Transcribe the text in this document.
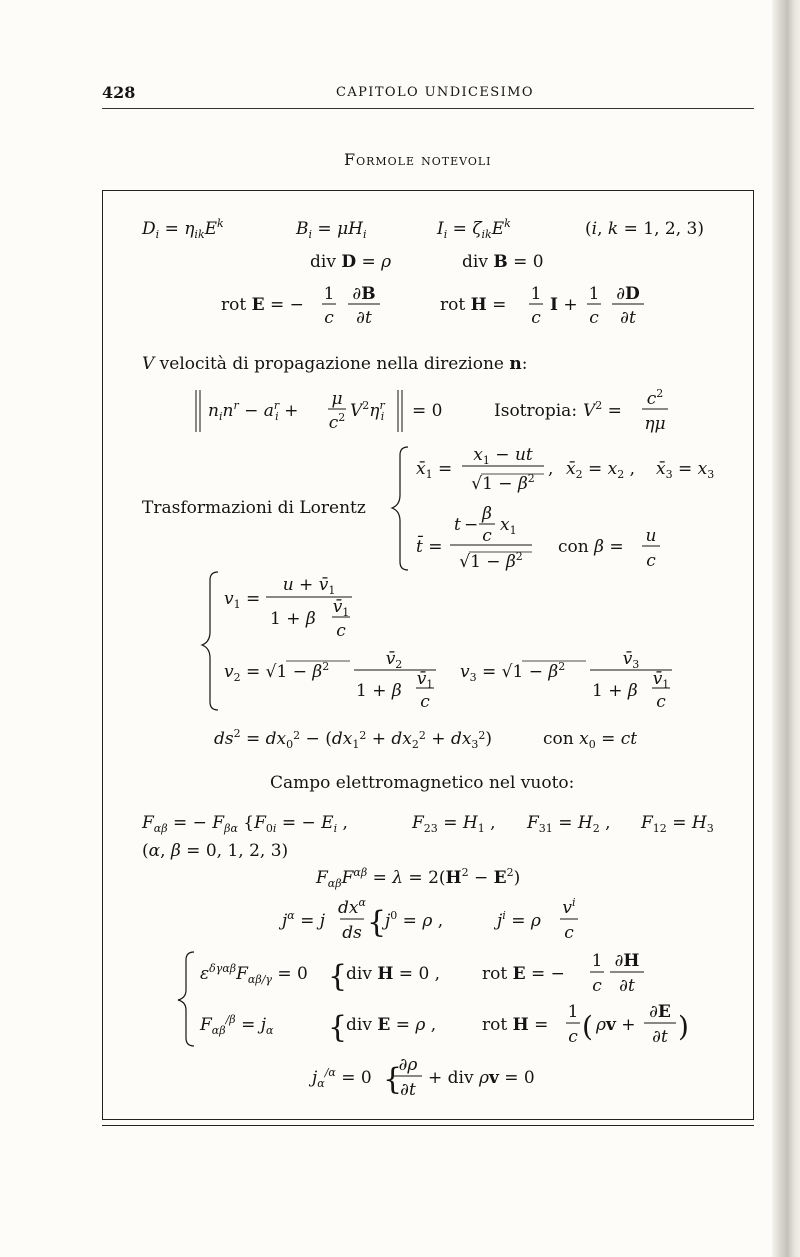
428	CAPITOLO UNDICESIMO
Formole notevoli
$D_i = \eta_{ik}E^k$	$B_i = \mu H_i$	$I_i = \zeta_{ik}E^k$	(i, k = 1, 2, 3)
div D = ρ	div B = 0
rot E = −
1
c
∂B
∂t
rot H =
1
c
I +
1
c
∂D
∂t
V velocità di propagazione nella direzione n:
$n_in^r - a^r$ i +
μ
$c^2$ $V^2\eta^r$ i = 0	Isotropia: $V^2$ =
$c^2$
ημ
Trasformazioni di Lorentz
$x̄_1$ =
$x_1$ − ut
$√1 - \beta^2$ , $x̄_2 = x_2$ , $x̄_3 = x_3$
t̄ =
t −
β
c
$x_1$
$√1 - \beta^2$ con β =
u
c
$v_1$ =
$u + v̄_1$
1 + β
$v̄_1$
c
$v_2 = √1 - \beta^2$	$v̄_2$
1 + β
$v̄_1$
c
$v_3 = √1 - \beta^2$	$v̄_3$
1 + β
$v̄_1$
c
$ds^2 = dx_0^2 - (dx_1^2 + dx_2^2 + dx_3^2)$	con $x_0$ = ct
Campo elettromagnetico nel vuoto:
$F_{\alpha\beta}$ = − $F_{\beta\alpha}$ {$F_0i$ = − $E_i$ ,	$F_{23} = H_1$ , $F_{31} = H_2$ , $F_{12} = H_3$
(α, β = 0, 1, 2, 3)
$F_{\alpha\beta}F^{\alpha\beta} = \lambda = 2(H^2 - E^2)$
$j^\alpha = j$
$dx^\alpha$
ds {
$j^0 = \rho$ ,	$j^i = \rho$
$v^i$
c
$\varepsilon^{\delta\gamma\alpha\beta}F_{\alpha\beta/\gamma} = 0$ {
div H = 0 , rot E = −
1
c
∂H
∂t
$F_{\alpha\beta}^{/\beta} = j_\alpha$ {
div E = ρ ,	rot H =
1
c ( ρv +
∂E
∂t )
$j_\alpha^{/\alpha} = 0$ {
∂ρ
∂t
+ div ρv = 0
